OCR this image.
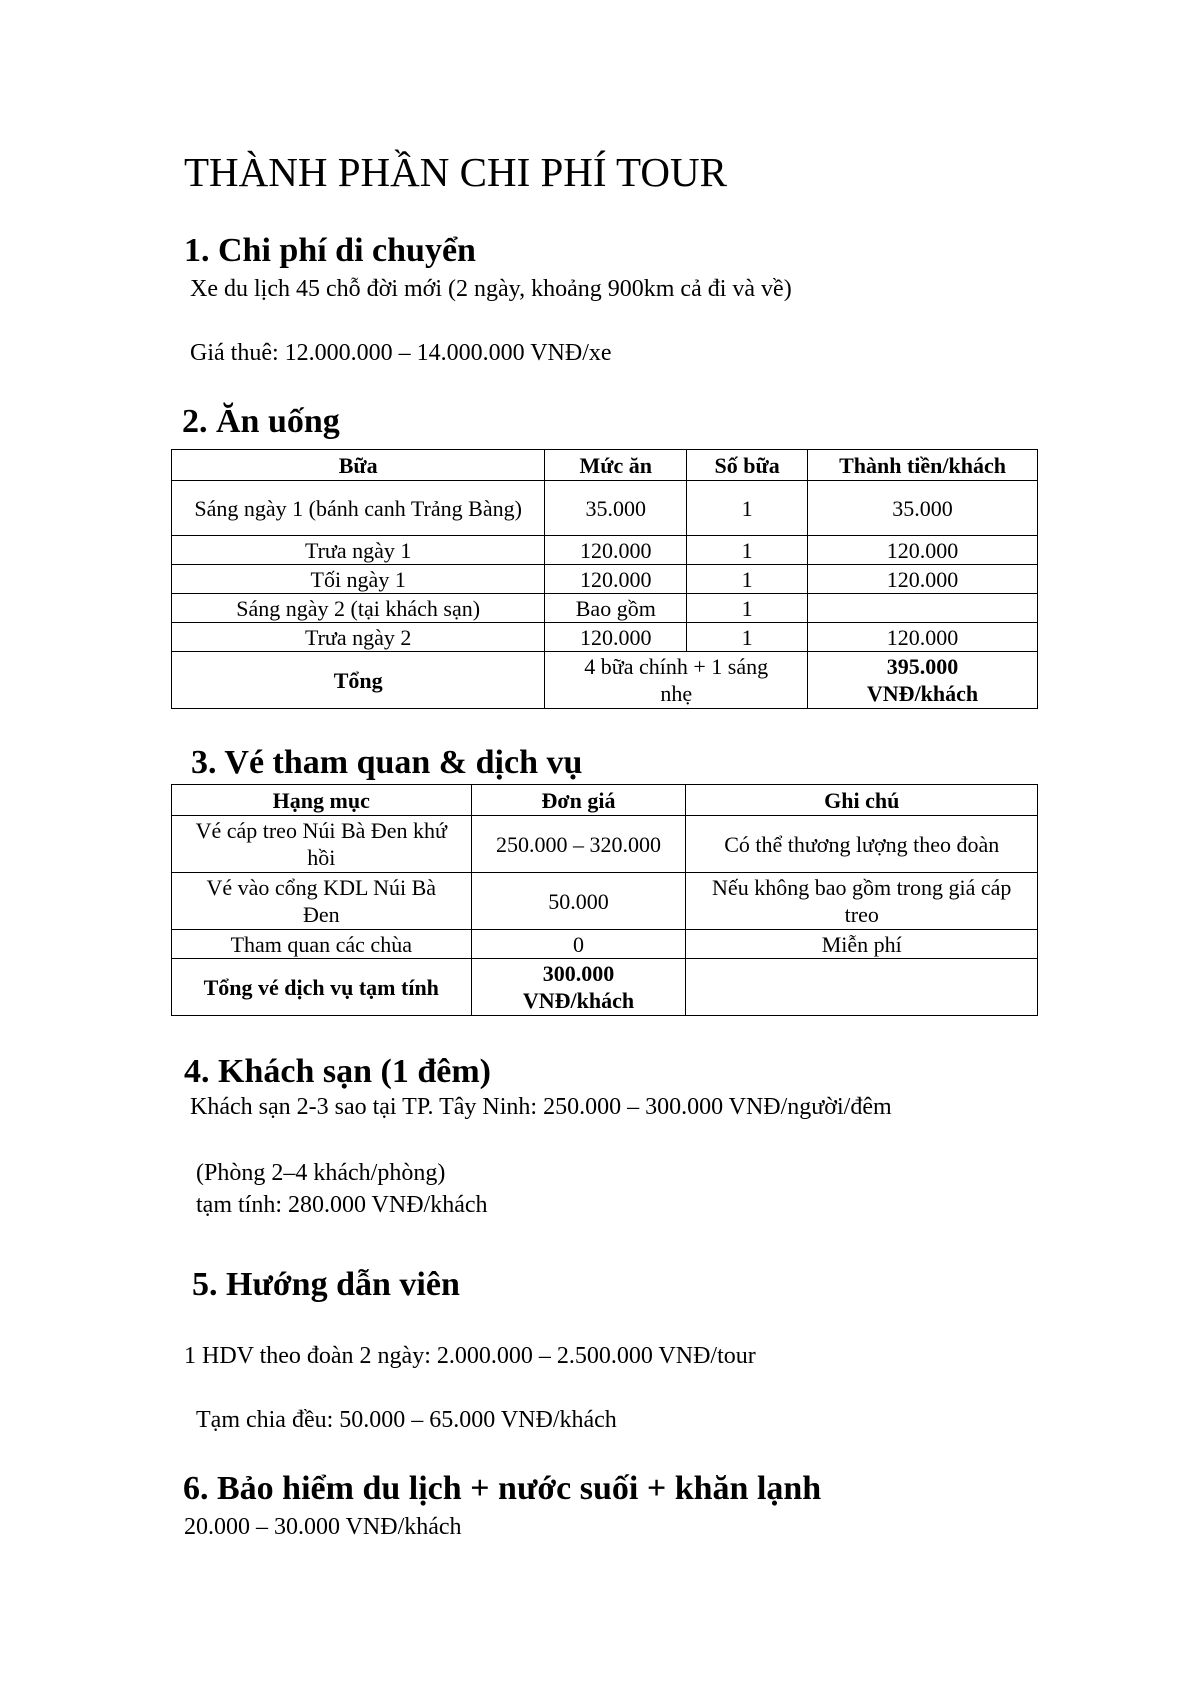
THÀNH PHẦN CHI PHÍ TOUR
1. Chi phí di chuyển
Xe du lịch 45 chỗ đời mới (2 ngày, khoảng 900km cả đi và về)
Giá thuê: 12.000.000 – 14.000.000 VNĐ/xe
2. Ăn uống
Bữa	Mức ăn	Số bữa	Thành tiền/khách
Sáng ngày 1 (bánh canh Trảng Bàng)	35.000	1	35.000
Trưa ngày 1	120.000	1	120.000
Tối ngày 1	120.000	1	120.000
Sáng ngày 2 (tại khách sạn)	Bao gồm	1	
Trưa ngày 2	120.000	1	120.000
Tổng	4 bữa chính + 1 sáng nhẹ		395.000 VNĐ/khách
3. Vé tham quan & dịch vụ
Hạng mục	Đơn giá	Ghi chú
Vé cáp treo Núi Bà Đen khứ hồi	250.000 – 320.000	Có thể thương lượng theo đoàn
Vé vào cổng KDL Núi Bà Đen	50.000	Nếu không bao gồm trong giá cáp treo
Tham quan các chùa	0	Miễn phí
Tổng vé dịch vụ tạm tính	300.000 VNĐ/khách	
4. Khách sạn (1 đêm)
Khách sạn 2-3 sao tại TP. Tây Ninh: 250.000 – 300.000 VNĐ/người/đêm
(Phòng 2–4 khách/phòng)
tạm tính: 280.000 VNĐ/khách
5. Hướng dẫn viên
1 HDV theo đoàn 2 ngày: 2.000.000 – 2.500.000 VNĐ/tour
Tạm chia đều: 50.000 – 65.000 VNĐ/khách
6. Bảo hiểm du lịch + nước suối + khăn lạnh
20.000 – 30.000 VNĐ/khách
